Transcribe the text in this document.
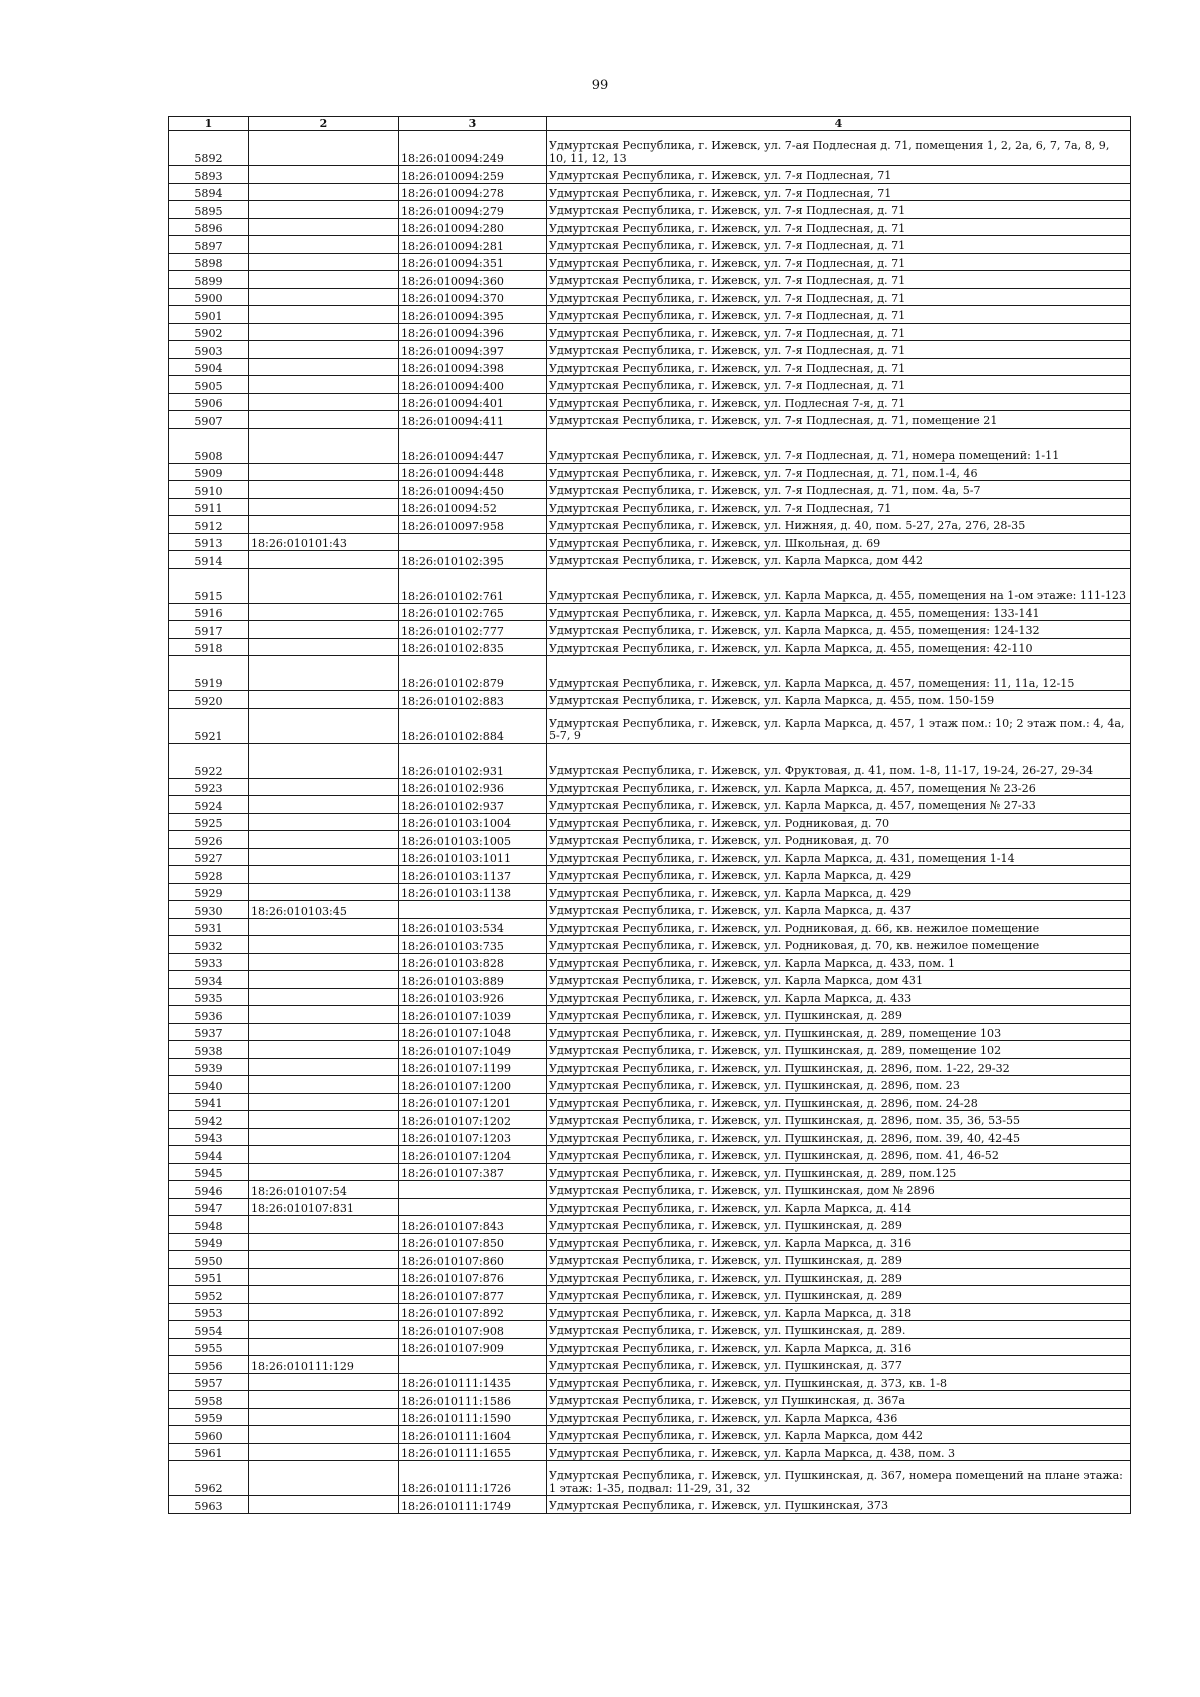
99
1	2	3	4
5892		18:26:010094:249	Удмуртская Республика, г. Ижевск, ул. 7-ая Подлесная д. 71, помещения 1, 2, 2а, 6, 7, 7а, 8, 9, 10, 11, 12, 13
5893		18:26:010094:259	Удмуртская Республика, г. Ижевск, ул. 7-я Подлесная, 71
5894		18:26:010094:278	Удмуртская Республика, г. Ижевск, ул. 7-я Подлесная, 71
5895		18:26:010094:279	Удмуртская Республика, г. Ижевск, ул. 7-я Подлесная, д. 71
5896		18:26:010094:280	Удмуртская Республика, г. Ижевск, ул. 7-я Подлесная, д. 71
5897		18:26:010094:281	Удмуртская Республика, г. Ижевск, ул. 7-я Подлесная, д. 71
5898		18:26:010094:351	Удмуртская Республика, г. Ижевск, ул. 7-я Подлесная, д. 71
5899		18:26:010094:360	Удмуртская Республика, г. Ижевск, ул. 7-я Подлесная, д. 71
5900		18:26:010094:370	Удмуртская Республика, г. Ижевск, ул. 7-я Подлесная, д. 71
5901		18:26:010094:395	Удмуртская Республика, г. Ижевск, ул. 7-я Подлесная, д. 71
5902		18:26:010094:396	Удмуртская Республика, г. Ижевск, ул. 7-я Подлесная, д. 71
5903		18:26:010094:397	Удмуртская Республика, г. Ижевск, ул. 7-я Подлесная, д. 71
5904		18:26:010094:398	Удмуртская Республика, г. Ижевск, ул. 7-я Подлесная, д. 71
5905		18:26:010094:400	Удмуртская Республика, г. Ижевск, ул. 7-я Подлесная, д. 71
5906		18:26:010094:401	Удмуртская Республика, г. Ижевск, ул. Подлесная 7-я, д. 71
5907		18:26:010094:411	Удмуртская Республика, г. Ижевск, ул. 7-я Подлесная, д. 71, помещение 21
5908		18:26:010094:447	Удмуртская Республика, г. Ижевск, ул. 7-я Подлесная, д. 71, номера помещений: 1-11
5909		18:26:010094:448	Удмуртская Республика, г. Ижевск, ул. 7-я Подлесная, д. 71, пом.1-4, 46
5910		18:26:010094:450	Удмуртская Республика, г. Ижевск, ул. 7-я Подлесная, д. 71, пом. 4а, 5-7
5911		18:26:010094:52	Удмуртская Республика, г. Ижевск, ул. 7-я Подлесная, 71
5912		18:26:010097:958	Удмуртская Республика, г. Ижевск, ул. Нижняя, д. 40, пом. 5-27, 27а, 276, 28-35
5913	18:26:010101:43		Удмуртская Республика, г. Ижевск, ул. Школьная, д. 69
5914		18:26:010102:395	Удмуртская Республика, г. Ижевск, ул. Карла Маркса, дом 442
5915		18:26:010102:761	Удмуртская Республика, г. Ижевск, ул. Карла Маркса, д. 455, помещения на 1-ом этаже: 111-123
5916		18:26:010102:765	Удмуртская Республика, г. Ижевск, ул. Карла Маркса, д. 455, помещения: 133-141
5917		18:26:010102:777	Удмуртская Республика, г. Ижевск, ул. Карла Маркса, д. 455, помещения: 124-132
5918		18:26:010102:835	Удмуртская Республика, г. Ижевск, ул. Карла Маркса, д. 455, помещения: 42-110
5919		18:26:010102:879	Удмуртская Республика, г. Ижевск, ул. Карла Маркса, д. 457, помещения: 11, 11а, 12-15
5920		18:26:010102:883	Удмуртская Республика, г. Ижевск, ул. Карла Маркса, д. 455, пом. 150-159
5921		18:26:010102:884	Удмуртская Республика, г. Ижевск, ул. Карла Маркса, д. 457, 1 этаж пом.: 10; 2 этаж пом.: 4, 4а, 5-7, 9
5922		18:26:010102:931	Удмуртская Республика, г. Ижевск, ул. Фруктовая, д. 41, пом. 1-8, 11-17, 19-24, 26-27, 29-34
5923		18:26:010102:936	Удмуртская Республика, г. Ижевск, ул. Карла Маркса, д. 457, помещения № 23-26
5924		18:26:010102:937	Удмуртская Республика, г. Ижевск, ул. Карла Маркса, д. 457, помещения № 27-33
5925		18:26:010103:1004	Удмуртская Республика, г. Ижевск, ул. Родниковая, д. 70
5926		18:26:010103:1005	Удмуртская Республика, г. Ижевск, ул. Родниковая, д. 70
5927		18:26:010103:1011	Удмуртская Республика, г. Ижевск, ул. Карла Маркса, д. 431, помещения 1-14
5928		18:26:010103:1137	Удмуртская Республика, г. Ижевск, ул. Карла Маркса, д. 429
5929		18:26:010103:1138	Удмуртская Республика, г. Ижевск, ул. Карла Маркса, д. 429
5930	18:26:010103:45		Удмуртская Республика, г. Ижевск, ул. Карла Маркса, д. 437
5931		18:26:010103:534	Удмуртская Республика, г. Ижевск, ул. Родниковая, д. 66, кв. нежилое помещение
5932		18:26:010103:735	Удмуртская Республика, г. Ижевск, ул. Родниковая, д. 70, кв. нежилое помещение
5933		18:26:010103:828	Удмуртская Республика, г. Ижевск, ул. Карла Маркса, д. 433, пом. 1
5934		18:26:010103:889	Удмуртская Республика, г. Ижевск, ул. Карла Маркса, дом 431
5935		18:26:010103:926	Удмуртская Республика, г. Ижевск, ул. Карла Маркса, д. 433
5936		18:26:010107:1039	Удмуртская Республика, г. Ижевск, ул. Пушкинская, д. 289
5937		18:26:010107:1048	Удмуртская Республика, г. Ижевск, ул. Пушкинская, д. 289, помещение 103
5938		18:26:010107:1049	Удмуртская Республика, г. Ижевск, ул. Пушкинская, д. 289, помещение 102
5939		18:26:010107:1199	Удмуртская Республика, г. Ижевск, ул. Пушкинская, д. 2896, пом. 1-22, 29-32
5940		18:26:010107:1200	Удмуртская Республика, г. Ижевск, ул. Пушкинская, д. 2896, пом. 23
5941		18:26:010107:1201	Удмуртская Республика, г. Ижевск, ул. Пушкинская, д. 2896, пом. 24-28
5942		18:26:010107:1202	Удмуртская Республика, г. Ижевск, ул. Пушкинская, д. 2896, пом. 35, 36, 53-55
5943		18:26:010107:1203	Удмуртская Республика, г. Ижевск, ул. Пушкинская, д. 2896, пом. 39, 40, 42-45
5944		18:26:010107:1204	Удмуртская Республика, г. Ижевск, ул. Пушкинская, д. 2896, пом. 41, 46-52
5945		18:26:010107:387	Удмуртская Республика, г. Ижевск, ул. Пушкинская, д. 289, пом.125
5946	18:26:010107:54		Удмуртская Республика, г. Ижевск, ул. Пушкинская, дом № 2896
5947	18:26:010107:831		Удмуртская Республика, г. Ижевск, ул. Карла Маркса, д. 414
5948		18:26:010107:843	Удмуртская Республика, г. Ижевск, ул. Пушкинская, д. 289
5949		18:26:010107:850	Удмуртская Республика, г. Ижевск, ул. Карла Маркса, д. 316
5950		18:26:010107:860	Удмуртская Республика, г. Ижевск, ул. Пушкинская, д. 289
5951		18:26:010107:876	Удмуртская Республика, г. Ижевск, ул. Пушкинская, д. 289
5952		18:26:010107:877	Удмуртская Республика, г. Ижевск, ул. Пушкинская, д. 289
5953		18:26:010107:892	Удмуртская Республика, г. Ижевск, ул. Карла Маркса, д. 318
5954		18:26:010107:908	Удмуртская Республика, г. Ижевск, ул. Пушкинская, д. 289.
5955		18:26:010107:909	Удмуртская Республика, г. Ижевск, ул. Карла Маркса, д. 316
5956	18:26:010111:129		Удмуртская Республика, г. Ижевск, ул. Пушкинская, д. 377
5957		18:26:010111:1435	Удмуртская Республика, г. Ижевск, ул. Пушкинская, д. 373, кв. 1-8
5958		18:26:010111:1586	Удмуртская Республика, г. Ижевск, ул Пушкинская, д. 367а
5959		18:26:010111:1590	Удмуртская Республика, г. Ижевск, ул. Карла Маркса, 436
5960		18:26:010111:1604	Удмуртская Республика, г. Ижевск, ул. Карла Маркса, дом 442
5961		18:26:010111:1655	Удмуртская Республика, г. Ижевск, ул. Карла Маркса, д. 438, пом. 3
5962		18:26:010111:1726	Удмуртская Республика, г. Ижевск, ул. Пушкинская, д. 367, номера помещений на плане этажа: 1 этаж: 1-35, подвал: 11-29, 31, 32
5963		18:26:010111:1749	Удмуртская Республика, г. Ижевск, ул. Пушкинская, 373
